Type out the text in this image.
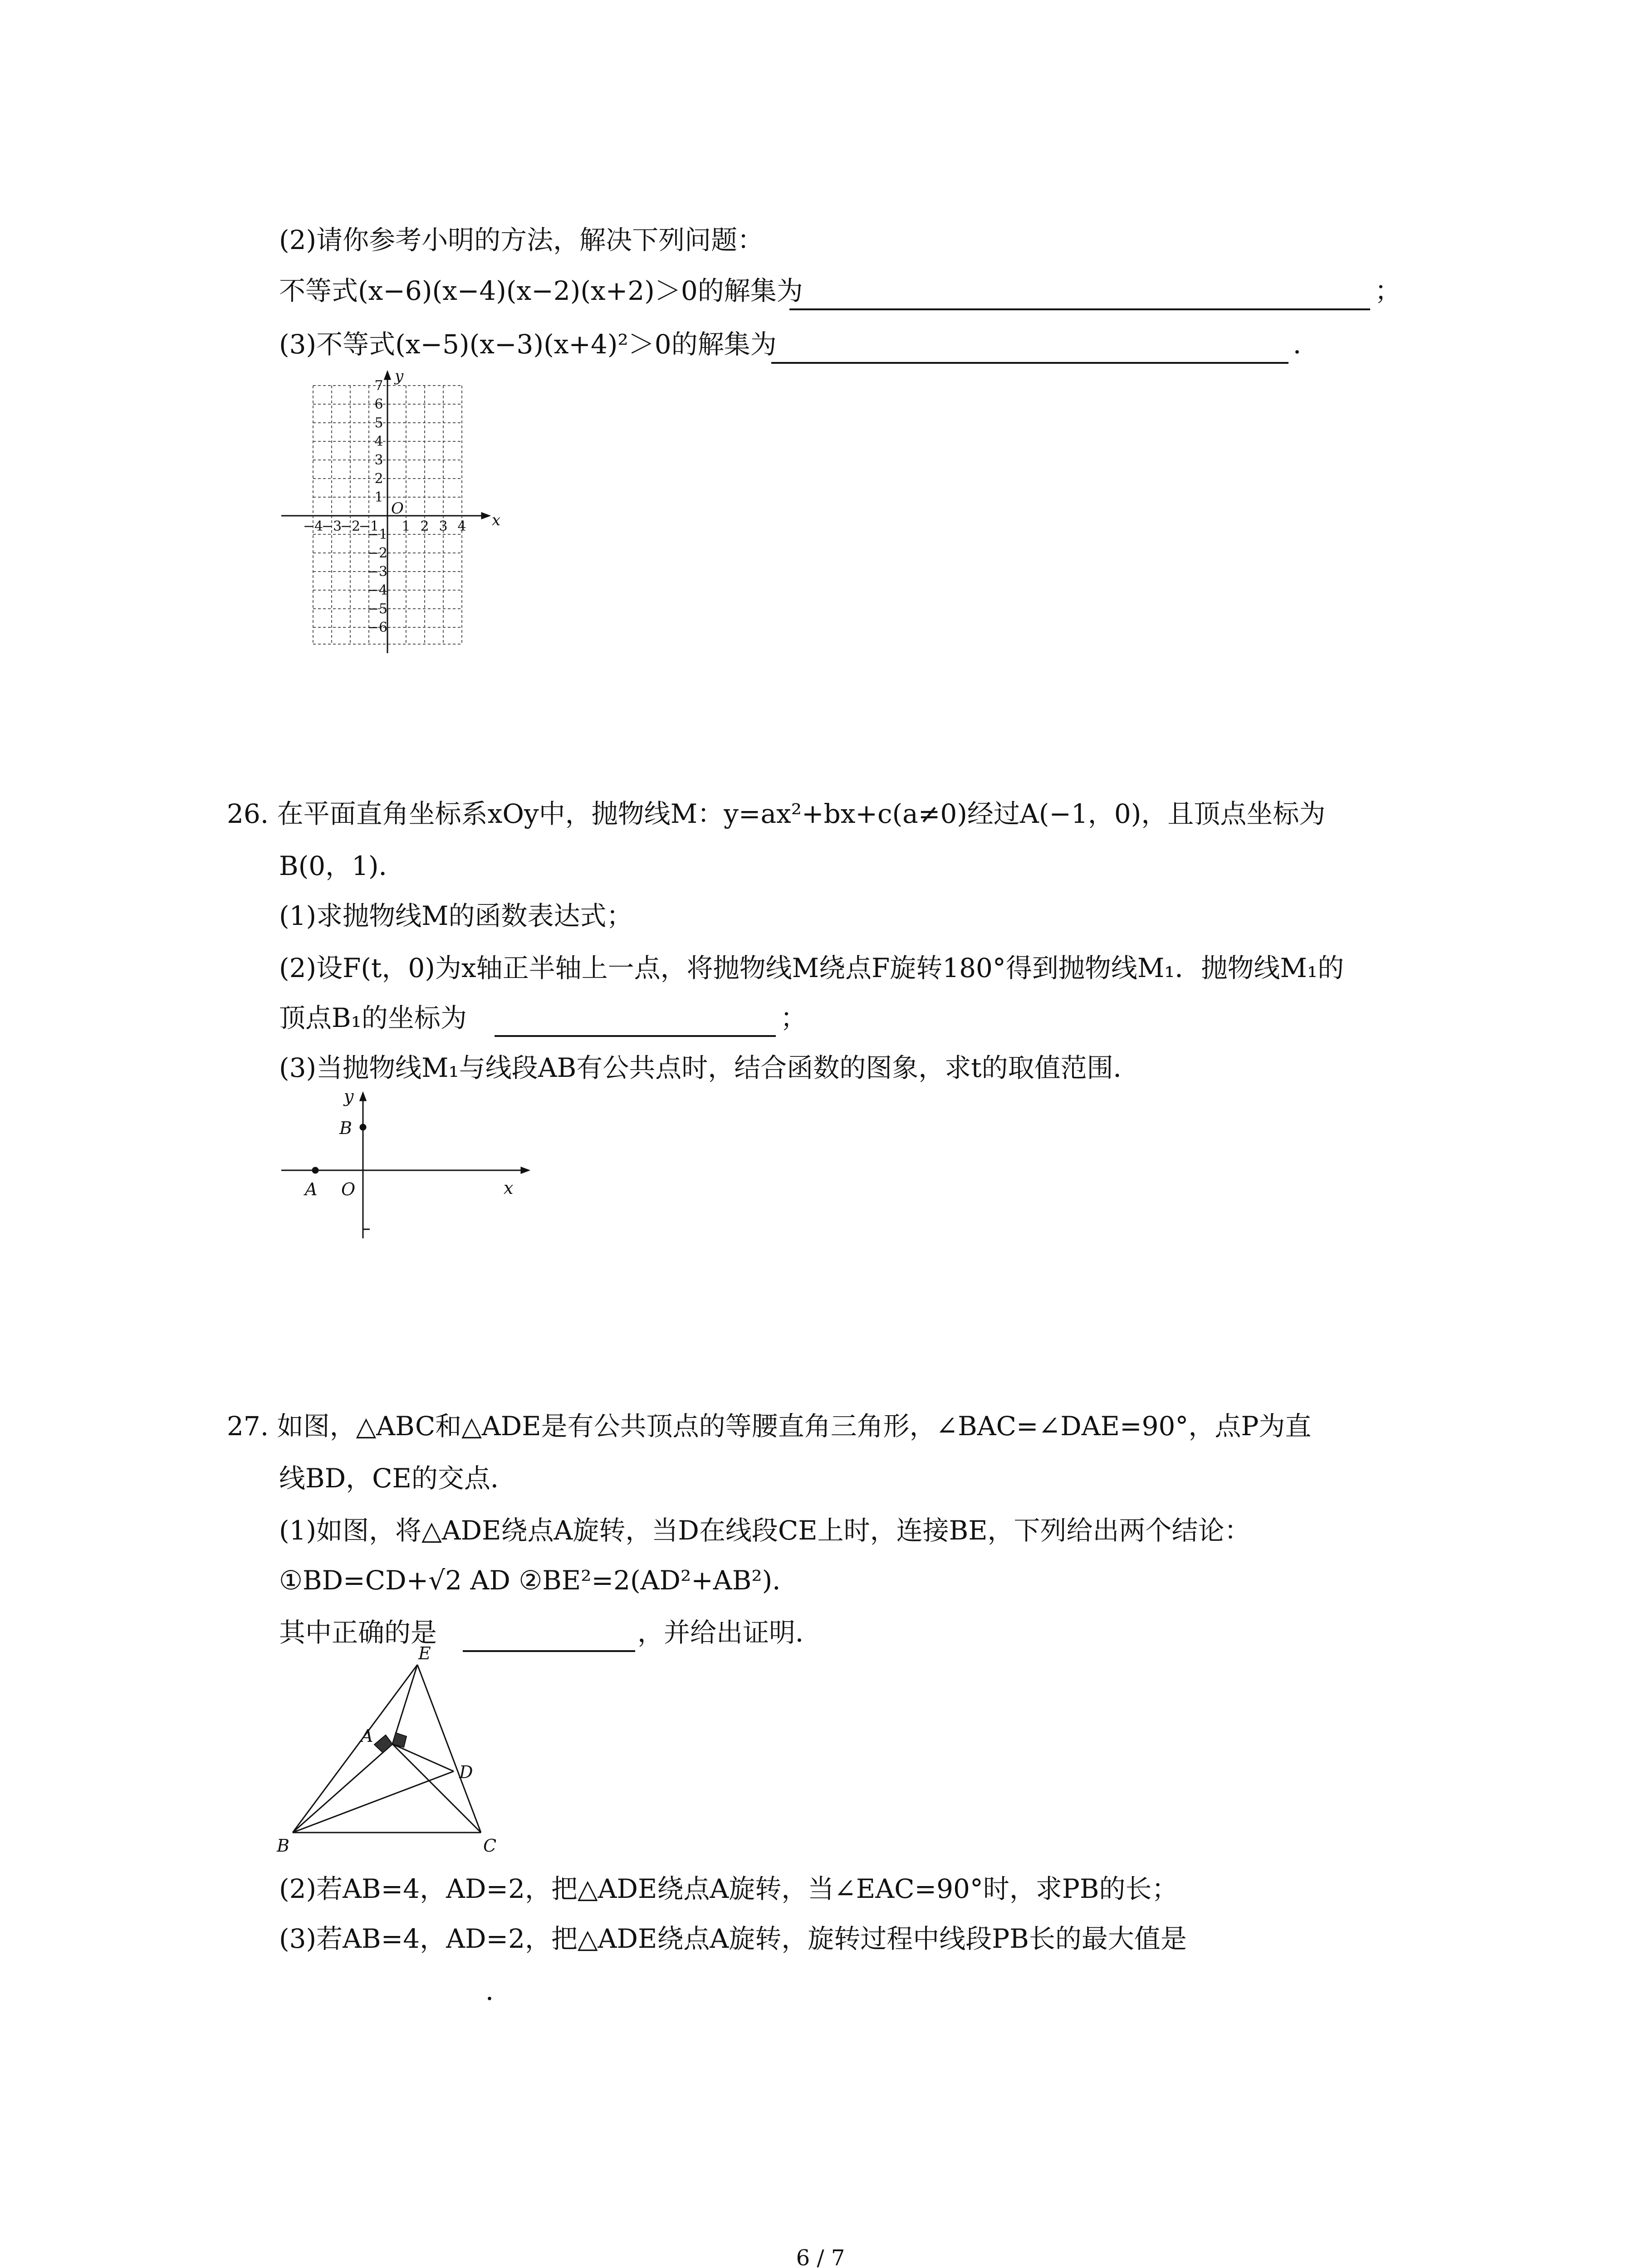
(2)请你参考小明的方法，解决下列问题：
不等式(x−6)(x−4)(x−2)(x+2)＞0的解集为	；
(3)不等式(x−5)(x−3)(x+4)²＞0的解集为	．
y
x
O
7
6
5
4
3
2
1
−1
−2
−3
−4
−5
−6
−4
−3
−2
−1 1 2 3 4
26. 在平面直角坐标系xOy中，抛物线M：y=ax²+bx+c(a≠0)经过A(−1，0)，且顶点坐标为
B(0，1)．
(1)求抛物线M的函数表达式；
(2)设F(t，0)为x轴正半轴上一点，将抛物线M绕点F旋转180°得到抛物线M₁．抛物线M₁的
顶点B₁的坐标为	；
(3)当抛物线M₁与线段AB有公共点时，结合函数的图象，求t的取值范围．
y
B
A O	x
27. 如图，△ABC和△ADE是有公共顶点的等腰直角三角形，∠BAC=∠DAE=90°，点P为直
线BD，CE的交点．
(1)如图，将△ADE绕点A旋转，当D在线段CE上时，连接BE，下列给出两个结论：
①BD=CD+√2 AD ②BE²=2(AD²+AB²)．
其中正确的是	，并给出证明．
E
A
D
B	C
(2)若AB=4，AD=2，把△ADE绕点A旋转，当∠EAC=90°时，求PB的长；
(3)若AB=4，AD=2，把△ADE绕点A旋转，旋转过程中线段PB长的最大值是
．
6 / 7
